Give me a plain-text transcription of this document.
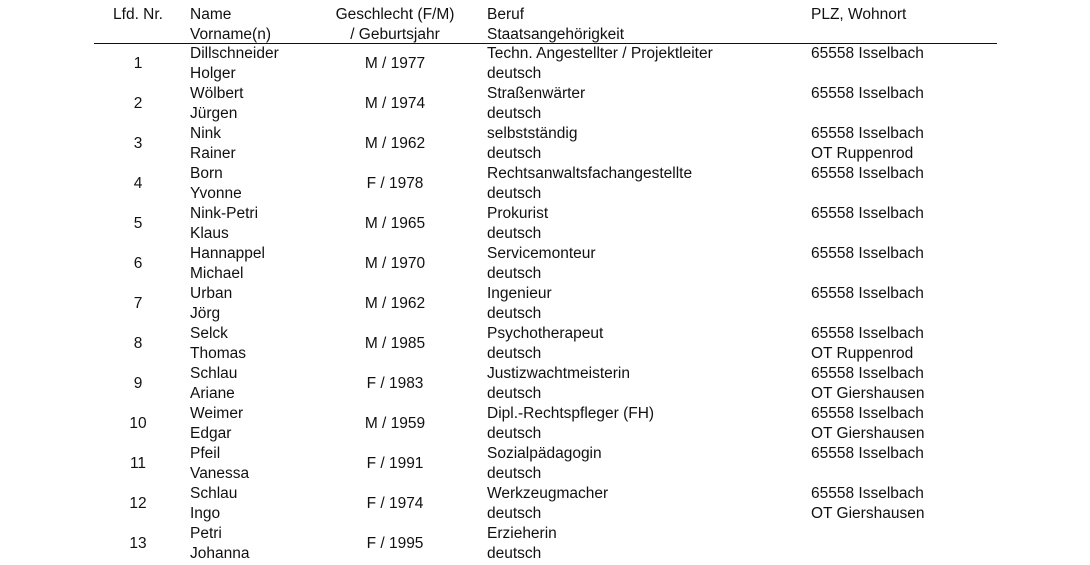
Lfd. Nr.	Name
Vorname(n)
Geschlecht (F/M)
/ Geburtsjahr
Beruf
Staatsangehörigkeit
PLZ, Wohnort
1
Dillschneider
Holger
M / 1977
Techn. Angestellter / Projektleiter
deutsch
65558 Isselbach
2
Wölbert
Jürgen
M / 1974
Straßenwärter
deutsch
65558 Isselbach
3
Nink
Rainer
M / 1962
selbstständig
deutsch
65558 Isselbach
OT Ruppenrod
4
Born
Yvonne
F / 1978
Rechtsanwaltsfachangestellte
deutsch
65558 Isselbach
5
Nink-Petri
Klaus
M / 1965
Prokurist
deutsch
65558 Isselbach
6
Hannappel
Michael
M / 1970
Servicemonteur
deutsch
65558 Isselbach
7
Urban
Jörg
M / 1962
Ingenieur
deutsch
65558 Isselbach
8
Selck
Thomas
M / 1985
Psychotherapeut
deutsch
65558 Isselbach
OT Ruppenrod
9
Schlau
Ariane
F / 1983
Justizwachtmeisterin
deutsch
65558 Isselbach
OT Giershausen
10
Weimer
Edgar
M / 1959
Dipl.-Rechtspfleger (FH)
deutsch
65558 Isselbach
OT Giershausen
11
Pfeil
Vanessa
F / 1991
Sozialpädagogin
deutsch
65558 Isselbach
12
Schlau
Ingo
F / 1974
Werkzeugmacher
deutsch
65558 Isselbach
OT Giershausen
13
Petri
Johanna
F / 1995
Erzieherin
deutsch
